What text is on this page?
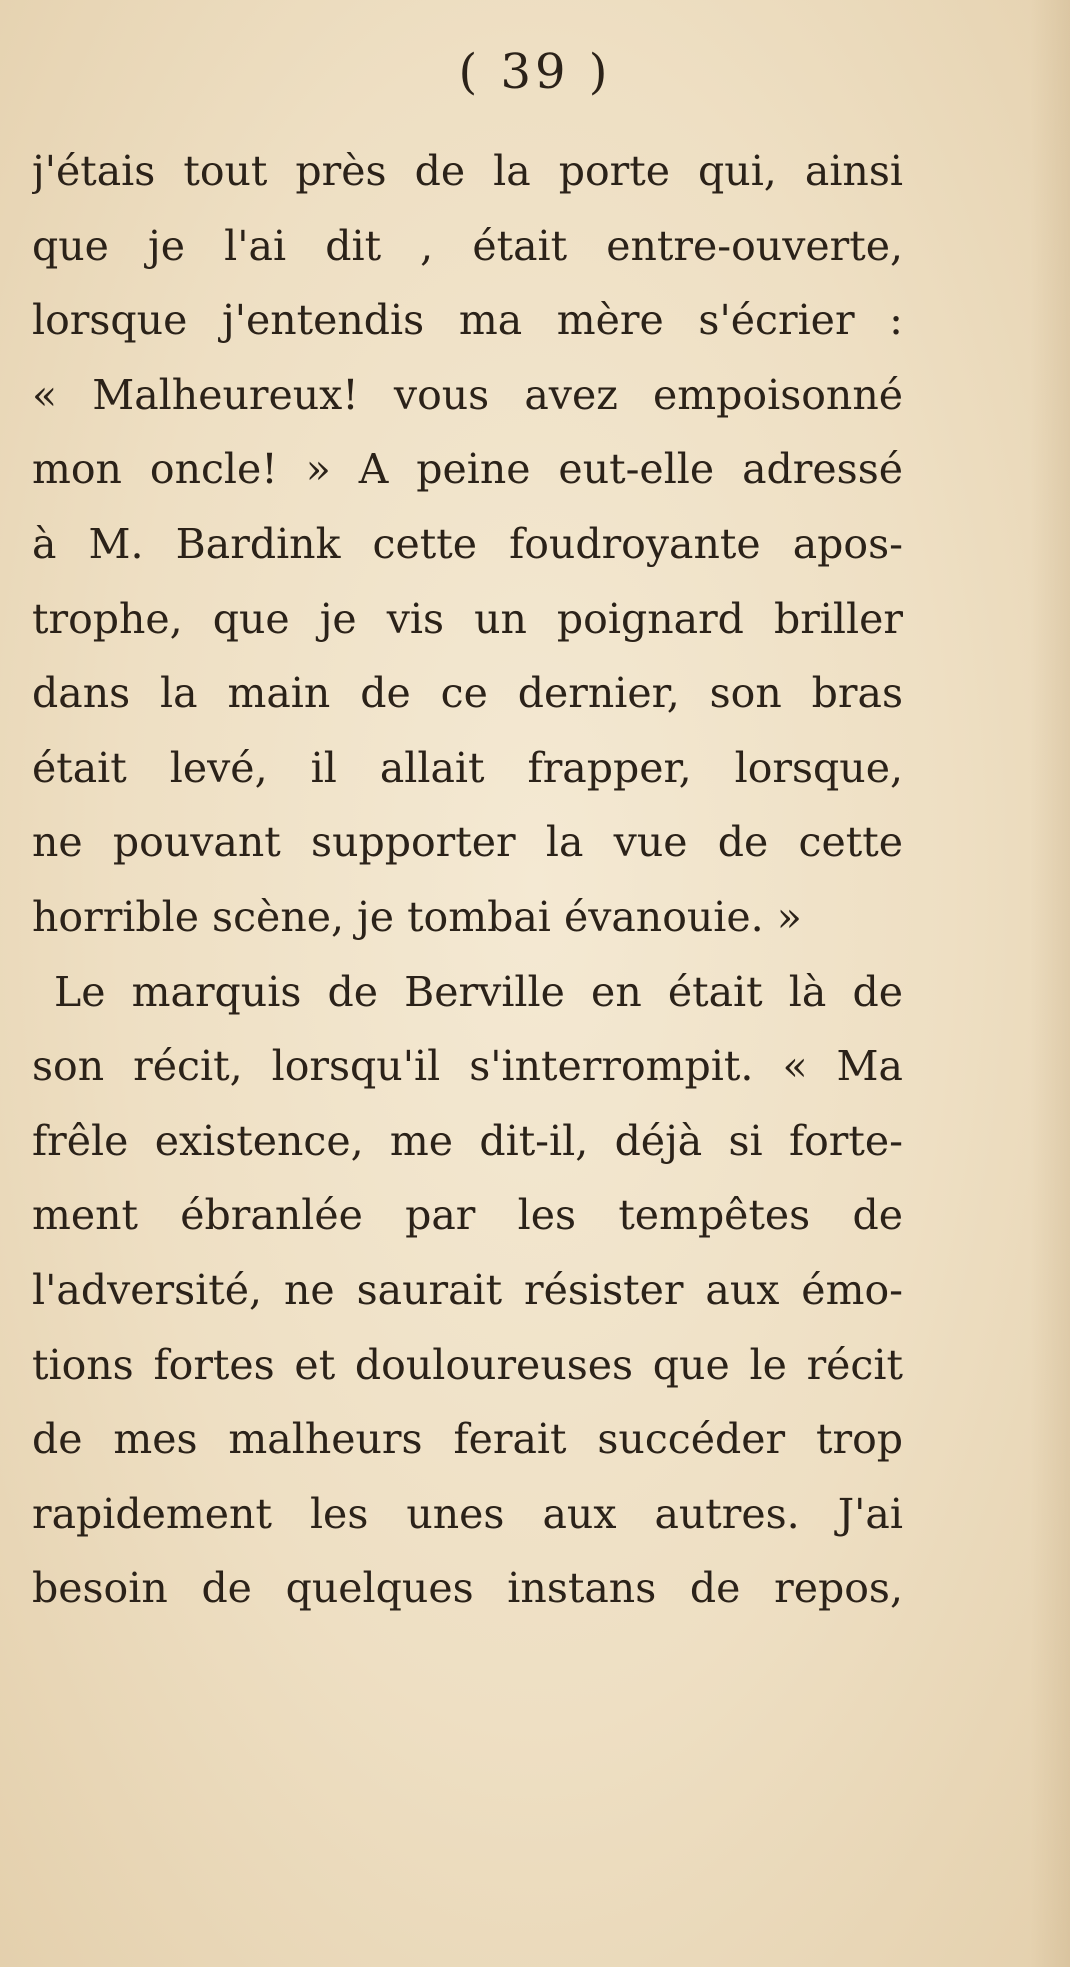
( 39 )
j'étais tout près de la porte qui, ainsi
que je l'ai dit , était entre-ouverte,
lorsque j'entendis ma mère s'écrier :
« Malheureux! vous avez empoisonné
mon oncle! » A peine eut-elle adressé
à M. Bardink cette foudroyante apos-
trophe, que je vis un poignard briller
dans la main de ce dernier, son bras
était levé, il allait frapper, lorsque,
ne pouvant supporter la vue de cette
horrible scène, je tombai évanouie. »
Le marquis de Berville en était là de
son récit, lorsqu'il s'interrompit. « Ma
frêle existence, me dit-il, déjà si forte-
ment ébranlée par les tempêtes de
l'adversité, ne saurait résister aux émo-
tions fortes et douloureuses que le récit
de mes malheurs ferait succéder trop
rapidement les unes aux autres. J'ai
besoin de quelques instans de repos,
